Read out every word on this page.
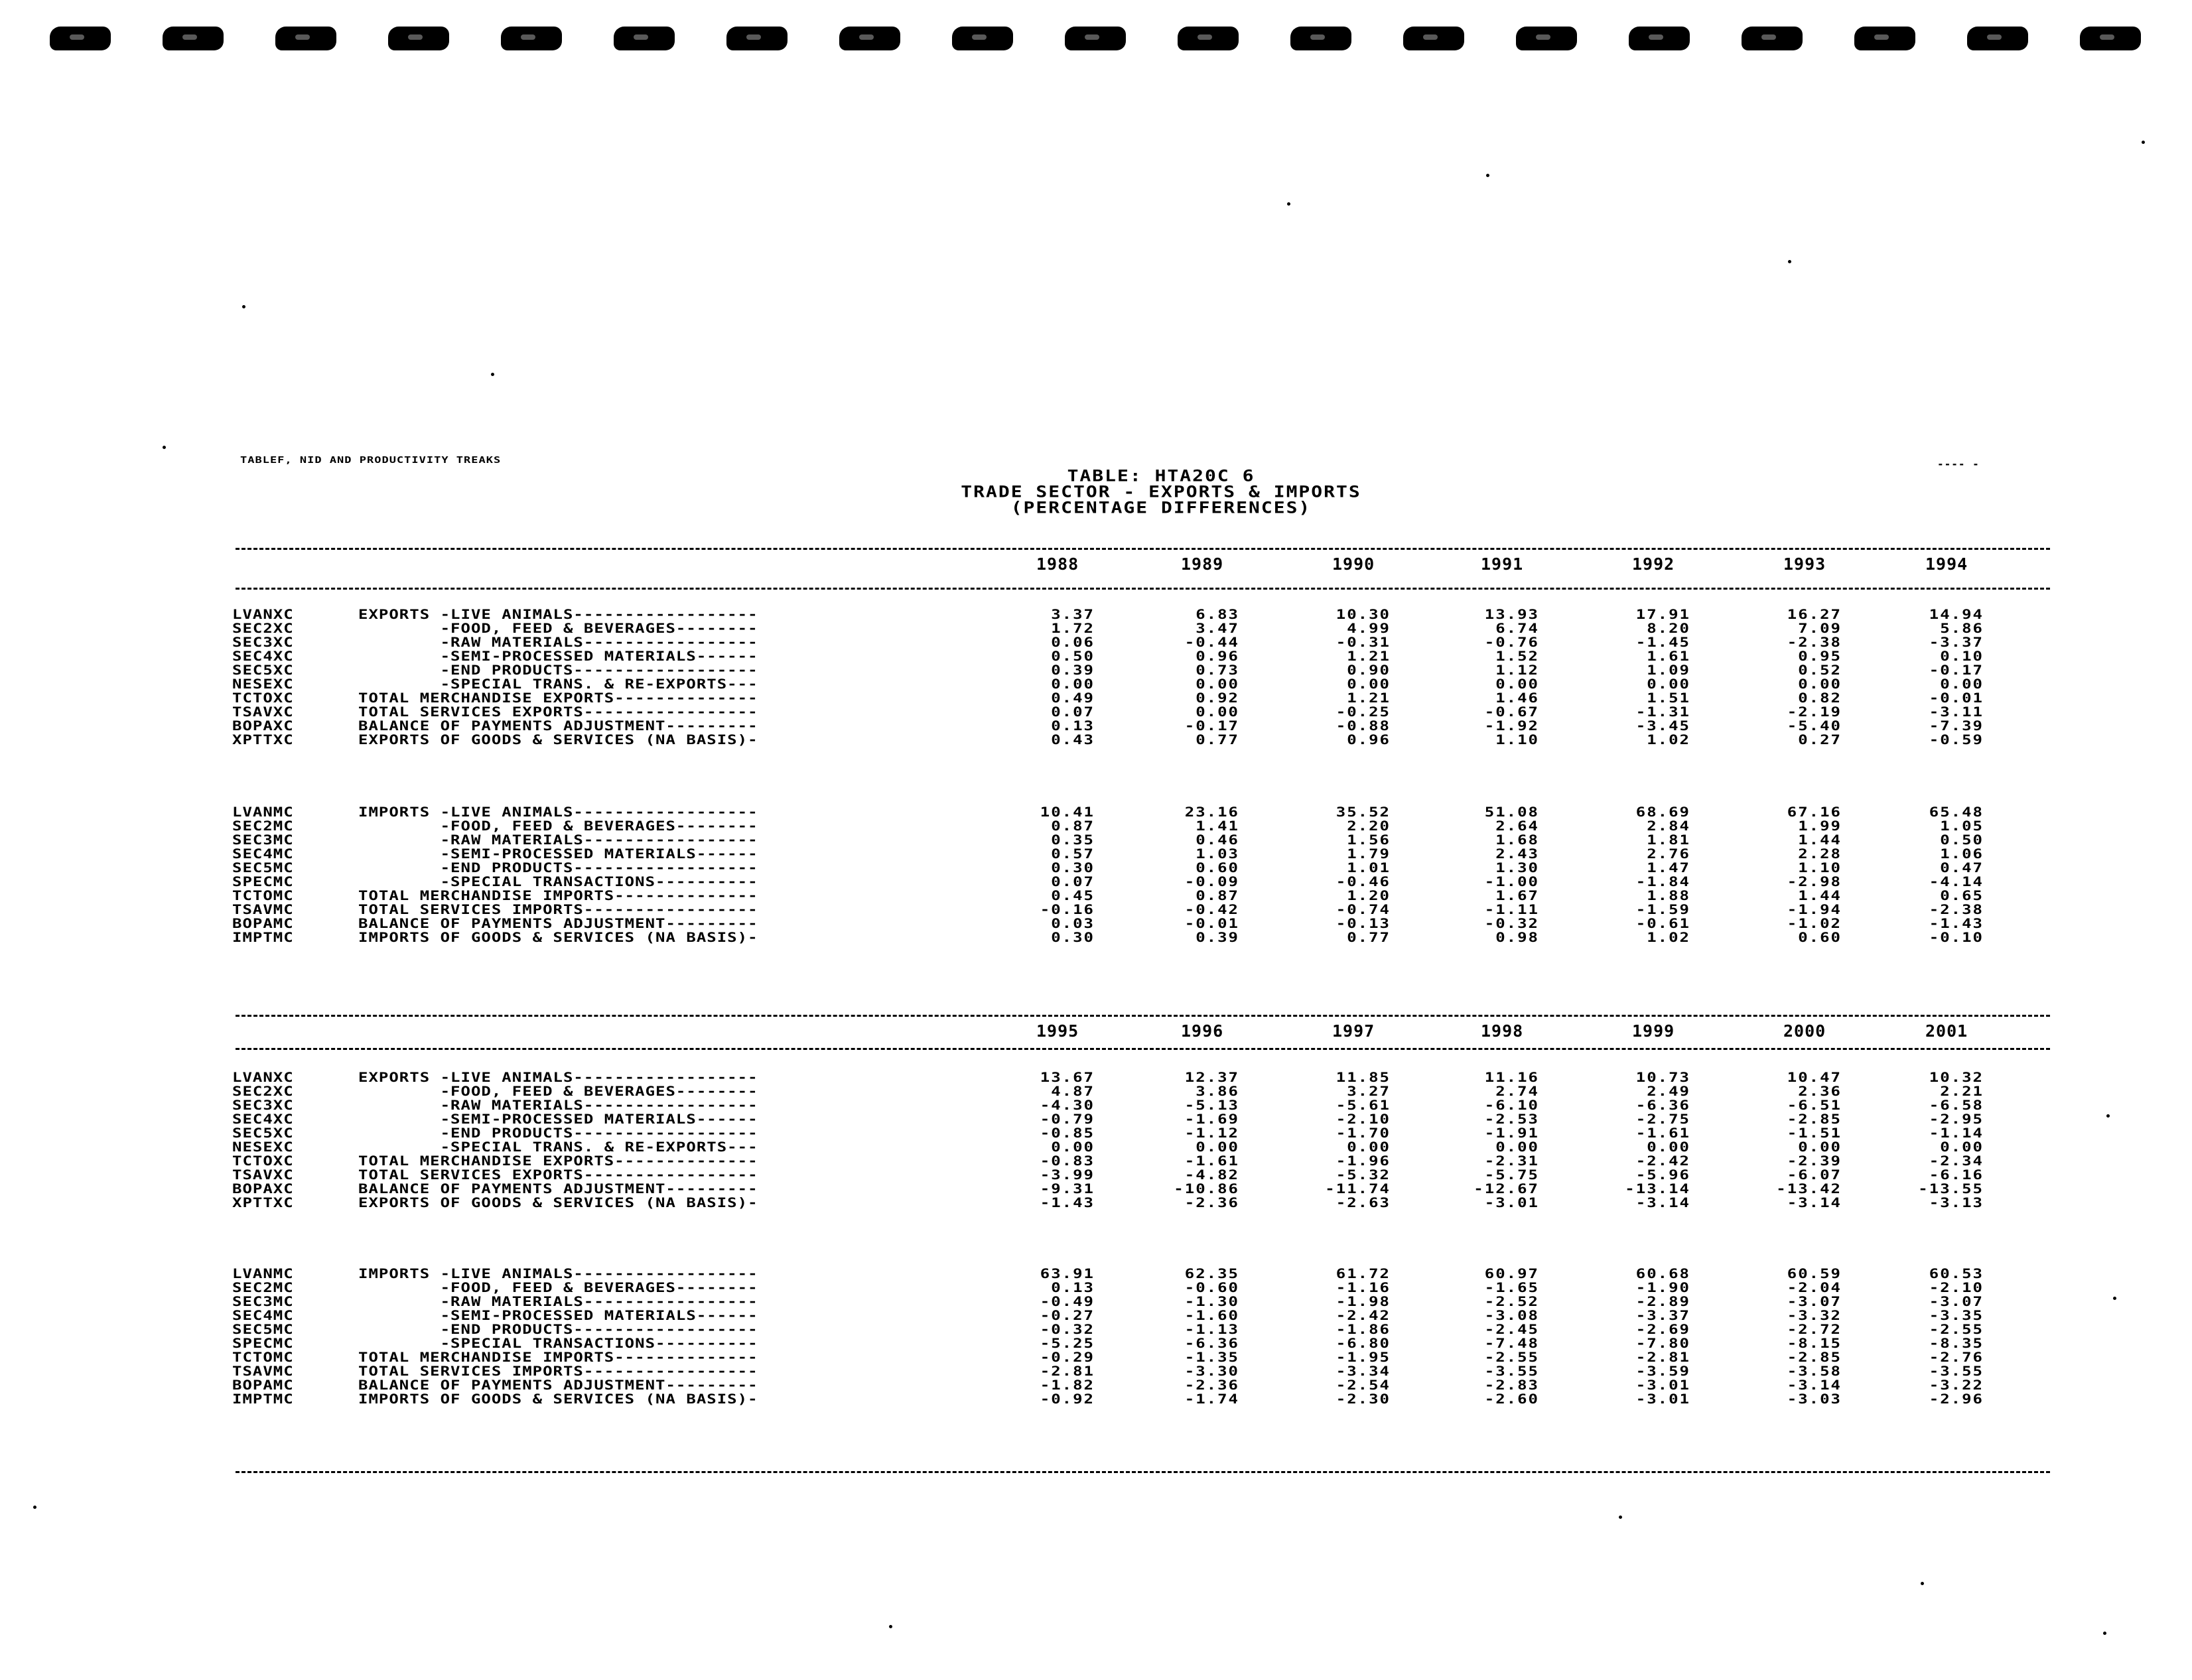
TABLEF, NID AND PRODUCTIVITY TREAKS	---- -
TABLE: HTA20C 6
TRADE SECTOR - EXPORTS & IMPORTS
(PERCENTAGE DIFFERENCES)
1988	1989	1990	1991	1992	1993	1994
LVANXC	EXPORTS -LIVE ANIMALS------------------	3.37	6.83	10.30	13.93	17.91	16.27	14.94
SEC2XC	-FOOD, FEED & BEVERAGES--------	1.72	3.47	4.99	6.74	8.20	7.09	5.86
SEC3XC	-RAW MATERIALS-----------------	0.06	-0.44	-0.31	-0.76	-1.45	-2.38	-3.37
SEC4XC	-SEMI-PROCESSED MATERIALS------	0.50	0.96	1.21	1.52	1.61	0.95	0.10
SEC5XC	-END PRODUCTS------------------	0.39	0.73	0.90	1.12	1.09	0.52	-0.17
NESEXC	-SPECIAL TRANS. & RE-EXPORTS---	0.00	0.00	0.00	0.00	0.00	0.00	0.00
TCTOXC	TOTAL MERCHANDISE EXPORTS--------------	0.49	0.92	1.21	1.46	1.51	0.82	-0.01
TSAVXC	TOTAL SERVICES EXPORTS-----------------	0.07	0.00	-0.25	-0.67	-1.31	-2.19	-3.11
BOPAXC	BALANCE OF PAYMENTS ADJUSTMENT---------	0.13	-0.17	-0.88	-1.92	-3.45	-5.40	-7.39
XPTTXC	EXPORTS OF GOODS & SERVICES (NA BASIS)-	0.43	0.77	0.96	1.10	1.02	0.27	-0.59
LVANMC	IMPORTS -LIVE ANIMALS------------------	10.41	23.16	35.52	51.08	68.69	67.16	65.48
SEC2MC	-FOOD, FEED & BEVERAGES--------	0.87	1.41	2.20	2.64	2.84	1.99	1.05
SEC3MC	-RAW MATERIALS-----------------	0.35	0.46	1.56	1.68	1.81	1.44	0.50
SEC4MC	-SEMI-PROCESSED MATERIALS------	0.57	1.03	1.79	2.43	2.76	2.28	1.06
SEC5MC	-END PRODUCTS------------------	0.30	0.60	1.01	1.30	1.47	1.10	0.47
SPECMC	-SPECIAL TRANSACTIONS----------	0.07	-0.09	-0.46	-1.00	-1.84	-2.98	-4.14
TCTOMC	TOTAL MERCHANDISE IMPORTS--------------	0.45	0.87	1.20	1.67	1.88	1.44	0.65
TSAVMC	TOTAL SERVICES IMPORTS-----------------	-0.16	-0.42	-0.74	-1.11	-1.59	-1.94	-2.38
BOPAMC	BALANCE OF PAYMENTS ADJUSTMENT---------	0.03	-0.01	-0.13	-0.32	-0.61	-1.02	-1.43
IMPTMC	IMPORTS OF GOODS & SERVICES (NA BASIS)-	0.30	0.39	0.77	0.98	1.02	0.60	-0.10
1995	1996	1997	1998	1999	2000	2001
LVANXC	EXPORTS -LIVE ANIMALS------------------	13.67	12.37	11.85	11.16	10.73	10.47	10.32
SEC2XC	-FOOD, FEED & BEVERAGES--------	4.87	3.86	3.27	2.74	2.49	2.36	2.21
SEC3XC	-RAW MATERIALS-----------------	-4.30	-5.13	-5.61	-6.10	-6.36	-6.51	-6.58
SEC4XC	-SEMI-PROCESSED MATERIALS------	-0.79	-1.69	-2.10	-2.53	-2.75	-2.85	-2.95
SEC5XC	-END PRODUCTS------------------	-0.85	-1.12	-1.70	-1.91	-1.61	-1.51	-1.14
NESEXC	-SPECIAL TRANS. & RE-EXPORTS---	0.00	0.00	0.00	0.00	0.00	0.00	0.00
TCTOXC	TOTAL MERCHANDISE EXPORTS--------------	-0.83	-1.61	-1.96	-2.31	-2.42	-2.39	-2.34
TSAVXC	TOTAL SERVICES EXPORTS-----------------	-3.99	-4.82	-5.32	-5.75	-5.96	-6.07	-6.16
BOPAXC	BALANCE OF PAYMENTS ADJUSTMENT---------	-9.31	-10.86	-11.74	-12.67	-13.14	-13.42	-13.55
XPTTXC	EXPORTS OF GOODS & SERVICES (NA BASIS)-	-1.43	-2.36	-2.63	-3.01	-3.14	-3.14	-3.13
LVANMC	IMPORTS -LIVE ANIMALS------------------	63.91	62.35	61.72	60.97	60.68	60.59	60.53
SEC2MC	-FOOD, FEED & BEVERAGES--------	0.13	-0.60	-1.16	-1.65	-1.90	-2.04	-2.10
SEC3MC	-RAW MATERIALS-----------------	-0.49	-1.30	-1.98	-2.52	-2.89	-3.07	-3.07
SEC4MC	-SEMI-PROCESSED MATERIALS------	-0.27	-1.60	-2.42	-3.08	-3.37	-3.32	-3.35
SEC5MC	-END PRODUCTS------------------	-0.32	-1.13	-1.86	-2.45	-2.69	-2.72	-2.55
SPECMC	-SPECIAL TRANSACTIONS----------	-5.25	-6.36	-6.80	-7.48	-7.80	-8.15	-8.35
TCTOMC	TOTAL MERCHANDISE IMPORTS--------------	-0.29	-1.35	-1.95	-2.55	-2.81	-2.85	-2.76
TSAVMC	TOTAL SERVICES IMPORTS-----------------	-2.81	-3.30	-3.34	-3.55	-3.59	-3.58	-3.55
BOPAMC	BALANCE OF PAYMENTS ADJUSTMENT---------	-1.82	-2.36	-2.54	-2.83	-3.01	-3.14	-3.22
IMPTMC	IMPORTS OF GOODS & SERVICES (NA BASIS)-	-0.92	-1.74	-2.30	-2.60	-3.01	-3.03	-2.96
